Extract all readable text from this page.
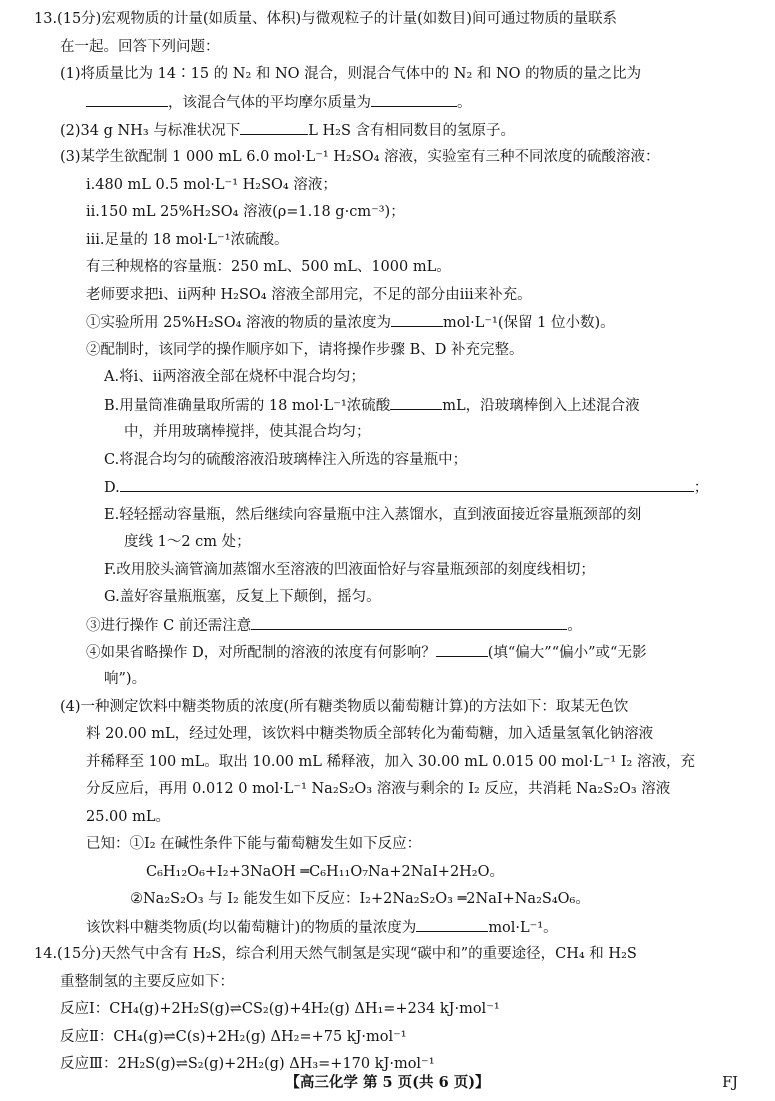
13.(15分)宏观物质的计量(如质量、体积)与微观粒子的计量(如数目)间可通过物质的量联系
在一起。回答下列问题：
(1)将质量比为 14∶15 的 N₂ 和 NO 混合，则混合气体中的 N₂ 和 NO 的物质的量之比为
，该混合气体的平均摩尔质量为	。
(2)34 g NH₃ 与标准状况下	L H₂S 含有相同数目的氢原子。
(3)某学生欲配制 1 000 mL 6.0 mol·L⁻¹ H₂SO₄ 溶液，实验室有三种不同浓度的硫酸溶液：
ⅰ.480 mL 0.5 mol·L⁻¹ H₂SO₄ 溶液；
ⅱ.150 mL 25%H₂SO₄ 溶液(ρ=1.18 g·cm⁻³)；
ⅲ.足量的 18 mol·L⁻¹浓硫酸。
有三种规格的容量瓶：250 mL、500 mL、1000 mL。
老师要求把ⅰ、ⅱ两种 H₂SO₄ 溶液全部用完，不足的部分由ⅲ来补充。
①实验所用 25%H₂SO₄ 溶液的物质的量浓度为	mol·L⁻¹(保留 1 位小数)。
②配制时，该同学的操作顺序如下，请将操作步骤 B、D 补充完整。
A.将ⅰ、ⅱ两溶液全部在烧杯中混合均匀；
B.用量筒准确量取所需的 18 mol·L⁻¹浓硫酸	mL，沿玻璃棒倒入上述混合液
中，并用玻璃棒搅拌，使其混合均匀；
C.将混合均匀的硫酸溶液沿玻璃棒注入所选的容量瓶中；
D.	；
E.轻轻摇动容量瓶，然后继续向容量瓶中注入蒸馏水，直到液面接近容量瓶颈部的刻
度线 1～2 cm 处；
F.改用胶头滴管滴加蒸馏水至溶液的凹液面恰好与容量瓶颈部的刻度线相切；
G.盖好容量瓶瓶塞，反复上下颠倒，摇匀。
③进行操作 C 前还需注意	。
④如果省略操作 D，对所配制的溶液的浓度有何影响？	(填“偏大”“偏小”或“无影
响”)。
(4)一种测定饮料中糖类物质的浓度(所有糖类物质以葡萄糖计算)的方法如下：取某无色饮
料 20.00 mL，经过处理，该饮料中糖类物质全部转化为葡萄糖，加入适量氢氧化钠溶液
并稀释至 100 mL。取出 10.00 mL 稀释液，加入 30.00 mL 0.015 00 mol·L⁻¹ I₂ 溶液，充
分反应后，再用 0.012 0 mol·L⁻¹ Na₂S₂O₃ 溶液与剩余的 I₂ 反应，共消耗 Na₂S₂O₃ 溶液
25.00 mL。
已知：①I₂ 在碱性条件下能与葡萄糖发生如下反应：
C₆H₁₂O₆+I₂+3NaOH ═C₆H₁₁O₇Na+2NaI+2H₂O。
②Na₂S₂O₃ 与 I₂ 能发生如下反应：I₂+2Na₂S₂O₃ ═2NaI+Na₂S₄O₆。
该饮料中糖类物质(均以葡萄糖计)的物质的量浓度为	mol·L⁻¹。
14.(15分)天然气中含有 H₂S，综合利用天然气制氢是实现“碳中和”的重要途径，CH₄ 和 H₂S
重整制氢的主要反应如下：
反应Ⅰ：CH₄(g)+2H₂S(g)⇌CS₂(g)+4H₂(g) ΔH₁=+234 kJ·mol⁻¹
反应Ⅱ：CH₄(g)⇌C(s)+2H₂(g) ΔH₂=+75 kJ·mol⁻¹
反应Ⅲ：2H₂S(g)⇌S₂(g)+2H₂(g) ΔH₃=+170 kJ·mol⁻¹
【高三化学 第 5 页(共 6 页)】	FJ
